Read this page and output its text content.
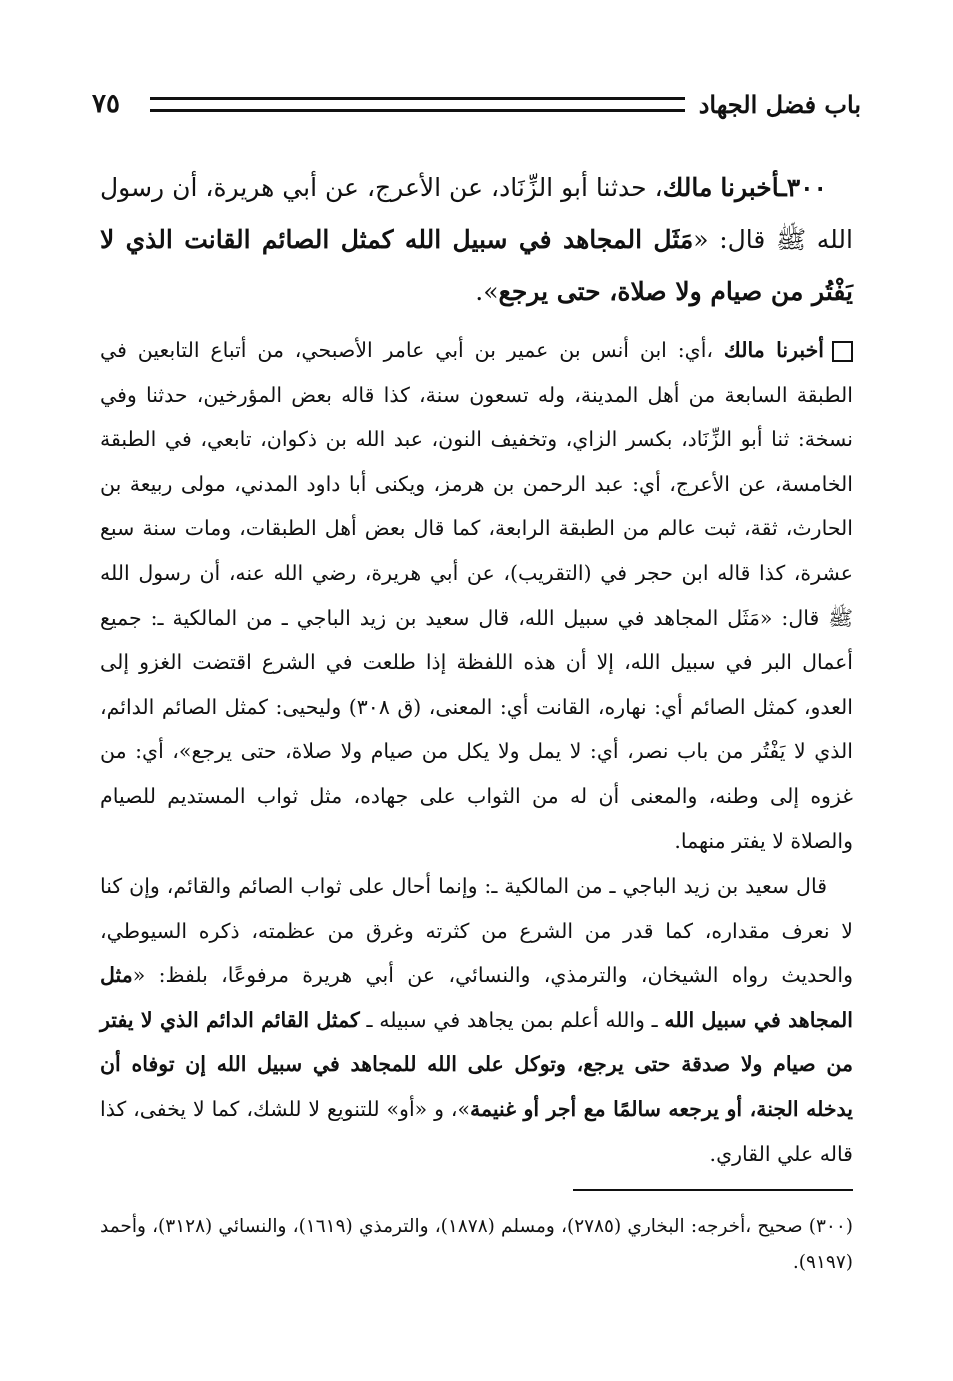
٧٥	باب فضل الجهاد
٣٠٠ـأخبرنا مالك، حدثنا أبو الزِّنَاد، عن الأعرج، عن أبي هريرة، أن رسول الله ﷺ قال: «مَثَل المجاهد في سبيل الله كمثل الصائم القانت الذي لا يَفْتُر من صيام ولا صلاة، حتى يرجع».
أخبرنا مالك ،أي: ابن أنس بن عمير بن أبي عامر الأصبحي، من أتباع التابعين في الطبقة السابعة من أهل المدينة، وله تسعون سنة، كذا قاله بعض المؤرخين، حدثنا وفي نسخة: ثنا أبو الزِّنَاد، بكسر الزاي، وتخفيف النون، عبد الله بن ذكوان، تابعي، في الطبقة الخامسة، عن الأعرج، أي: عبد الرحمن بن هرمز، ويكنى أبا داود المدني، مولى ربيعة بن الحارث، ثقة، ثبت عالم من الطبقة الرابعة، كما قال بعض أهل الطبقات، ومات سنة سبع عشرة، كذا قاله ابن حجر في (التقريب)، عن أبي هريرة، رضي الله عنه، أن رسول الله ﷺ قال: «مَثَل المجاهد في سبيل الله، قال سعيد بن زيد الباجي ـ من المالكية ـ: جميع أعمال البر في سبيل الله، إلا أن هذه اللفظة إذا طلعت في الشرع اقتضت الغزو إلى العدو، كمثل الصائم أي: نهاره، القانت أي: المعنى، (ق ٣٠٨) وليحيى: كمثل الصائم الدائم، الذي لا يَفْتُر من باب نصر، أي: لا يمل ولا يكل من صيام ولا صلاة، حتى يرجع»، أي: من غزوه إلى وطنه، والمعنى أن له من الثواب على جهاده، مثل ثواب المستديم للصيام والصلاة لا يفتر منهما.
قال سعيد بن زيد الباجي ـ من المالكية ـ: وإنما أحال على ثواب الصائم والقائم، وإن كنا لا نعرف مقداره، كما قدر من الشرع من كثرته وغرق من عظمته، ذكره السيوطي، والحديث رواه الشيخان، والترمذي، والنسائي، عن أبي هريرة مرفوعًا، بلفظ: «مثل المجاهد في سبيل الله ـ والله أعلم بمن يجاهد في سبيله ـ كمثل القائم الدائم الذي لا يفتر من صيام ولا صدقة حتى يرجع، وتوكل على الله للمجاهد في سبيل الله إن توفاه أن يدخله الجنة، أو يرجعه سالمًا مع أجر أو غنيمة»، و «أو» للتنويع لا للشك، كما لا يخفى، كذا قاله علي القاري.
(٣٠٠) صحيح ،أخرجه: البخاري (٢٧٨٥)، ومسلم (١٨٧٨)، والترمذي (١٦١٩)، والنسائي (٣١٢٨)، وأحمد (٩١٩٧).
